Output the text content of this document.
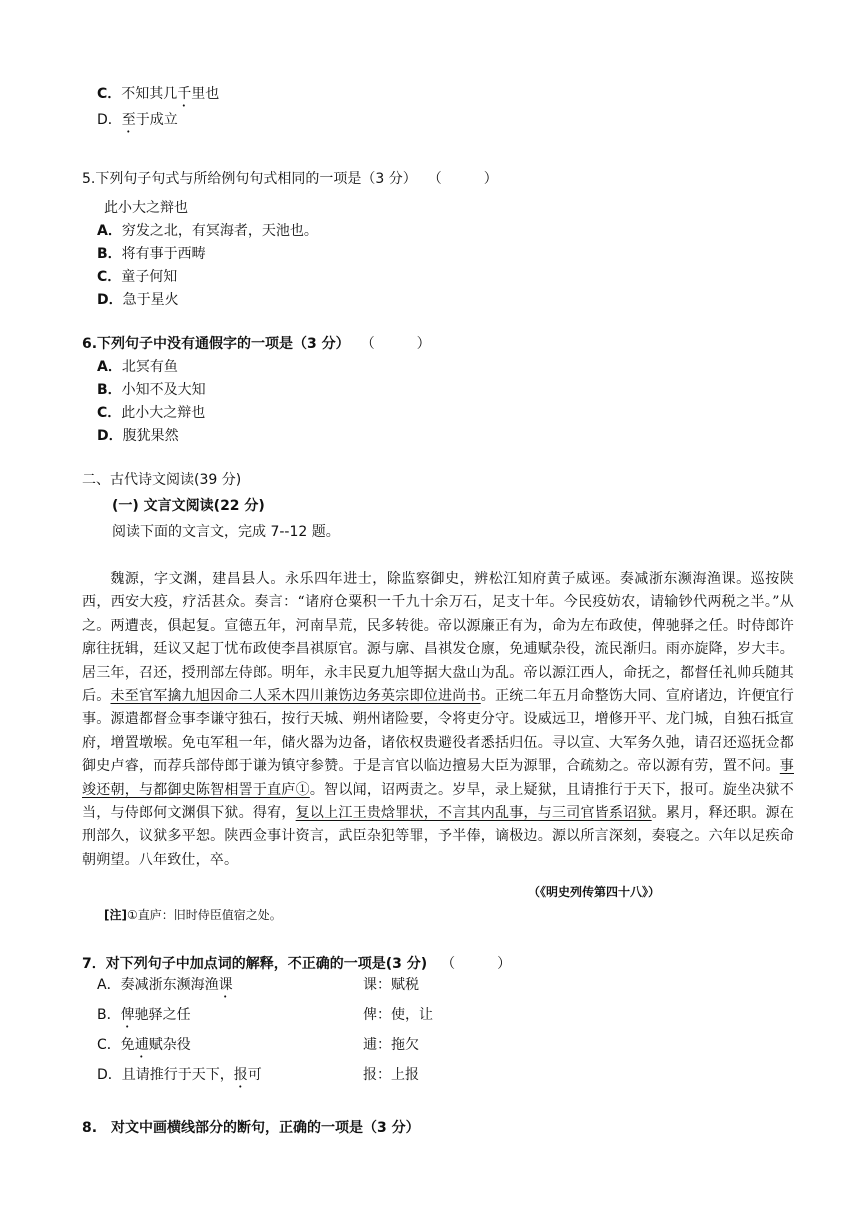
C．不知其几千里也
D．至于成立
5.下列句子句式与所给例句句式相同的一项是（3 分） （　　　）
此小大之辩也
A．穷发之北，有冥海者，天池也。
B．将有事于西畴
C．童子何知
D．急于星火
6.下列句子中没有通假字的一项是（3 分） （　　　）
A．北冥有鱼
B．小知不及大知
C．此小大之辩也
D．腹犹果然
二、古代诗文阅读(39 分)
(一) 文言文阅读(22 分)
阅读下面的文言文，完成 7--12 题。
魏源，字文渊，建昌县人。永乐四年进士，除监察御史，辨松江知府黄子威诬。奏减浙东濒海渔课。巡按陕西，西安大疫，疗活甚众。奏言：“诸府仓粟积一千九十余万石，足支十年。今民疫妨农，请输钞代两税之半。”从之。两遭丧，俱起复。宣德五年，河南旱荒，民多转徙。帝以源廉正有为，命为左布政使，俾驰驿之任。时侍郎许廓往抚辑，廷议又起丁忧布政使李昌祺原官。源与廓、昌祺发仓廪，免逋赋杂役，流民渐归。雨亦旋降，岁大丰。居三年，召还，授刑部左侍郎。明年，永丰民夏九旭等据大盘山为乱。帝以源江西人，命抚之，都督任礼帅兵随其后。未至官军擒九旭因命二人采木四川兼饬边务英宗即位进尚书。正统二年五月命整饬大同、宣府诸边，许便宜行事。源遣都督佥事李谦守独石，按行天城、朔州诸险要，令将吏分守。设威远卫，增修开平、龙门城，自独石抵宣府，增置墩堠。免屯军租一年，储火器为边备，诸依权贵避役者悉括归伍。寻以宣、大军务久弛，请召还巡抚佥都御史卢睿，而荐兵部侍郎于谦为镇守参赞。于是言官以临边擅易大臣为源罪，合疏劾之。帝以源有劳，置不问。事竣还朝，与都御史陈智相詈于直庐①。智以闻，诏两责之。岁旱，录上疑狱，且请推行于天下，报可。旋坐决狱不当，与侍郎何文渊俱下狱。得宥，复以上江王贵焓罪状，不言其内乱事，与三司官皆系诏狱。累月，释还职。源在刑部久，议狱多平恕。陕西佥事计资言，武臣杂犯等罪，予半俸，谪极边。源以所言深刻，奏寝之。六年以足疾命朝朔望。八年致仕，卒。
（《明史列传第四十八》）
[注]①直庐：旧时侍臣值宿之处。
7．对下列句子中加点词的解释，不正确的一项是(3 分) （　　　）
A．奏减浙东濒海渔课	课：赋税
B．俾驰驿之任	俾：使，让
C．免逋赋杂役	逋：拖欠
D．且请推行于天下，报可	报：上报
8.　对文中画横线部分的断句，正确的一项是（3 分）
